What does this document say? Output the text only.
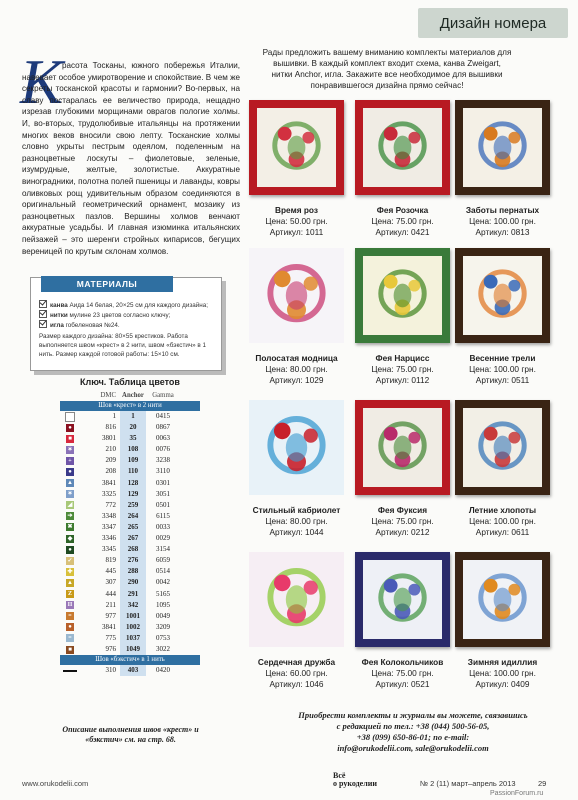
Дизайн номера
Рады предложить вашему вниманию комплекты материалов для вышивки. В каждый комплект входит схема, канва Zweigart, нитки Anchor, игла. Закажите все необходимое для вышивки понравившегося дизайна прямо сейчас!
К расота Тосканы, южного побережья Италии, навевает особое умиротворение и спокойствие. В чем же секреты тосканской красоты и гармонии? Во-первых, на славу постаралась ее величество природа, нещадно изрезав глубокими морщинами оврагов пологие холмы. И, во-вторых, трудолюбивые итальянцы на протяжении многих веков вносили свою лепту. Тосканские холмы словно укрыты пестрым одеялом, поделенным на разноцветные лоскуты – фиолетовые, зеленые, изумрудные, желтые, золотистые. Аккуратные виноградники, полотна полей пшеницы и лаванды, ковры оливковых рощ удивительным образом соединяются в оригинальный геометрический орнамент, мозаику из разноцветных пазлов. Вершины холмов венчают аккуратные усадьбы. И главная изюминка итальянских пейзажей – это шеренги стройных кипарисов, бегущих вереницей по крутым склонам холмов.

МАТЕРИАЛЫ
канва Аида 14 белая, 20×25 см для каждого дизайна;
нитки мулине 23 цветов согласно ключу;
игла гобеленовая №24.
Размер каждого дизайна: 80×55 крестиков. Работа выполняется швом «крест» в 2 нити, швом «бэкстич» в 1 нить. Размер каждой готовой работы: 15×10 см.
Ключ. Таблица цветов
DMC Anchor	Gamma
Шов «крест» в 2 нити
1	1	0415
●	816	20	0867
■	3801	35	0063
✶	210	108	0076
+	209	109	3238
●	208	110	3110
▲	3841	128	0301
✶	3325	129	3051
◢	772	259	0501
➔	3348	264	6115
✖	3347	265	0033
◆	3346	267	0029
●	3345	268	3154
✓	819	276	6059
✚	445	288	0514
▲	307	290	0042
Z	444	291	5165
II	211	342	1095
=	977	1001	0049
●	3841	1002	3209
=	775	1037	0753
■	976	1049	3022
Шов «бэкстич» в 1 нить
310	403	0420
Описание выполнения швов «крест» и «бэкстич» см. на стр. 68.
Время роз
Цена: 50.00 грн.
Артикул: 1011
Фея Розочка
Цена: 75.00 грн.
Артикул: 0421
Заботы пернатых
Цена: 100.00 грн.
Артикул: 0813
Полосатая модница
Цена: 80.00 грн.
Артикул: 1029
Фея Нарцисс
Цена: 75.00 грн.
Артикул: 0112
Весенние трели
Цена: 100.00 грн.
Артикул: 0511
Стильный кабриолет
Цена: 80.00 грн.
Артикул: 1044
Фея Фуксия
Цена: 75.00 грн.
Артикул: 0212
Летние хлопоты
Цена: 100.00 грн.
Артикул: 0611
Сердечная дружба
Цена: 60.00 грн.
Артикул: 1046
Фея Колокольчиков
Цена: 75.00 грн.
Артикул: 0521
Зимняя идиллия
Цена: 100.00 грн.
Артикул: 0409
Приобрести комплекты и журналы вы можете, связавшись
с редакцией по тел.: +38 (044) 500-56-05,
+38 (099) 650-86-01; по e-mail:
info@orukodelii.com, sale@orukodelii.com
www.orukodelii.com
Всё
о рукоделии	№ 2 (11) март–апрель 2013	29
PassionForum.ru
